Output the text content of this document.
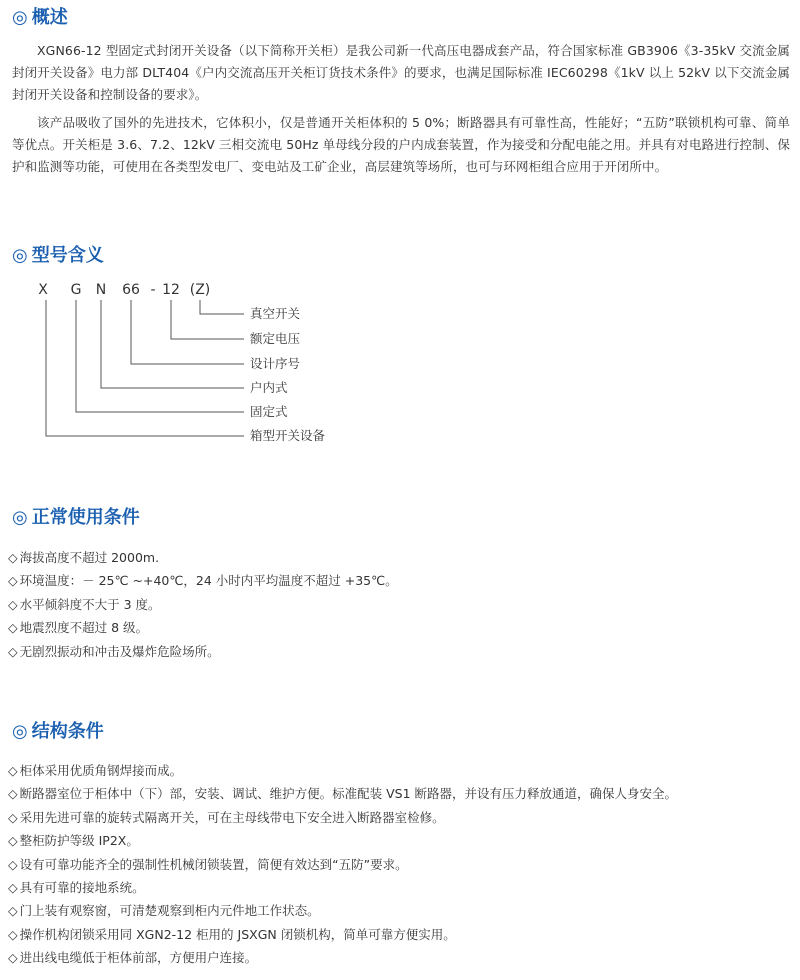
◎ 概述

XGN66-12 型固定式封闭开关设备（以下简称开关柜）是我公司新一代高压电器成套产品，符合国家标准 GB3906《3-35kV 交流金属封闭开关设备》电力部 DLT404《户内交流高压开关柜订货技术条件》的要求，也满足国际标准 IEC60298《1kV 以上 52kV 以下交流金属封闭开关设备和控制设备的要求》。

该产品吸收了国外的先进技术，它体积小，仅是普通开关柜体积的 5 0%；断路器具有可靠性高，性能好；“五防”联锁机构可靠、简单等优点。开关柜是 3.6、7.2、12kV 三相交流电 50Hz 单母线分段的户内成套装置，作为接受和分配电能之用。并具有对电路进行控制、保护和监测等功能，可使用在各类型发电厂、变电站及工矿企业，高层建筑等场所，也可与环网柜组合应用于开闭所中。

◎ 型号含义
X G N 66 - 12 (Z)
真空开关
额定电压
设计序号
户内式
固定式
箱型开关设备
◎ 正常使用条件
◇ 海拔高度不超过 2000m.
◇ 环境温度：－ 25℃ ~+40℃，24 小时内平均温度不超过 +35℃。
◇ 水平倾斜度不大于 3 度。
◇ 地震烈度不超过 8 级。
◇ 无剧烈振动和冲击及爆炸危险场所。
◎ 结构条件
◇ 柜体采用优质角钢焊接而成。
◇ 断路器室位于柜体中（下）部，安装、调试、维护方便。标准配装 VS1 断路器，并设有压力释放通道，确保人身安全。
◇ 采用先进可靠的旋转式隔离开关，可在主母线带电下安全进入断路器室检修。
◇ 整柜防护等级 IP2X。
◇ 设有可靠功能齐全的强制性机械闭锁装置，简便有效达到“五防”要求。
◇ 具有可靠的接地系统。
◇ 门上装有观察窗，可清楚观察到柜内元件地工作状态。
◇ 操作机构闭锁采用同 XGN2-12 柜用的 JSXGN 闭锁机构，简单可靠方便实用。
◇ 进出线电缆低于柜体前部，方便用户连接。
